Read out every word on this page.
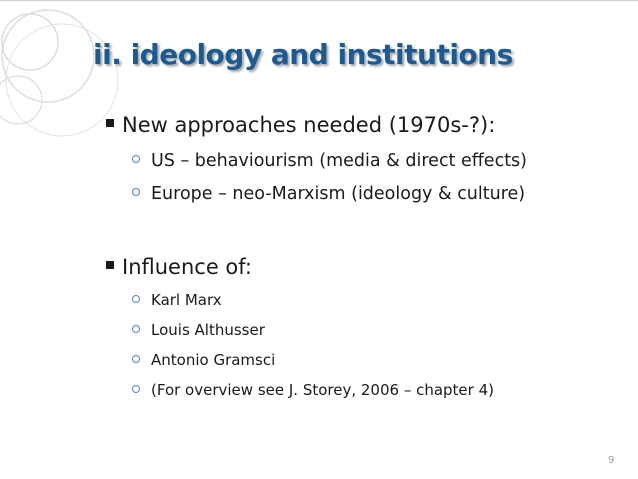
ii. ideology and institutions

New approaches needed (1970s-?):

US – behaviourism (media & direct effects)

Europe – neo-Marxism (ideology & culture)

Influence of:

Karl Marx

Louis Althusser

Antonio Gramsci

(For overview see J. Storey, 2006 – chapter 4)

9
